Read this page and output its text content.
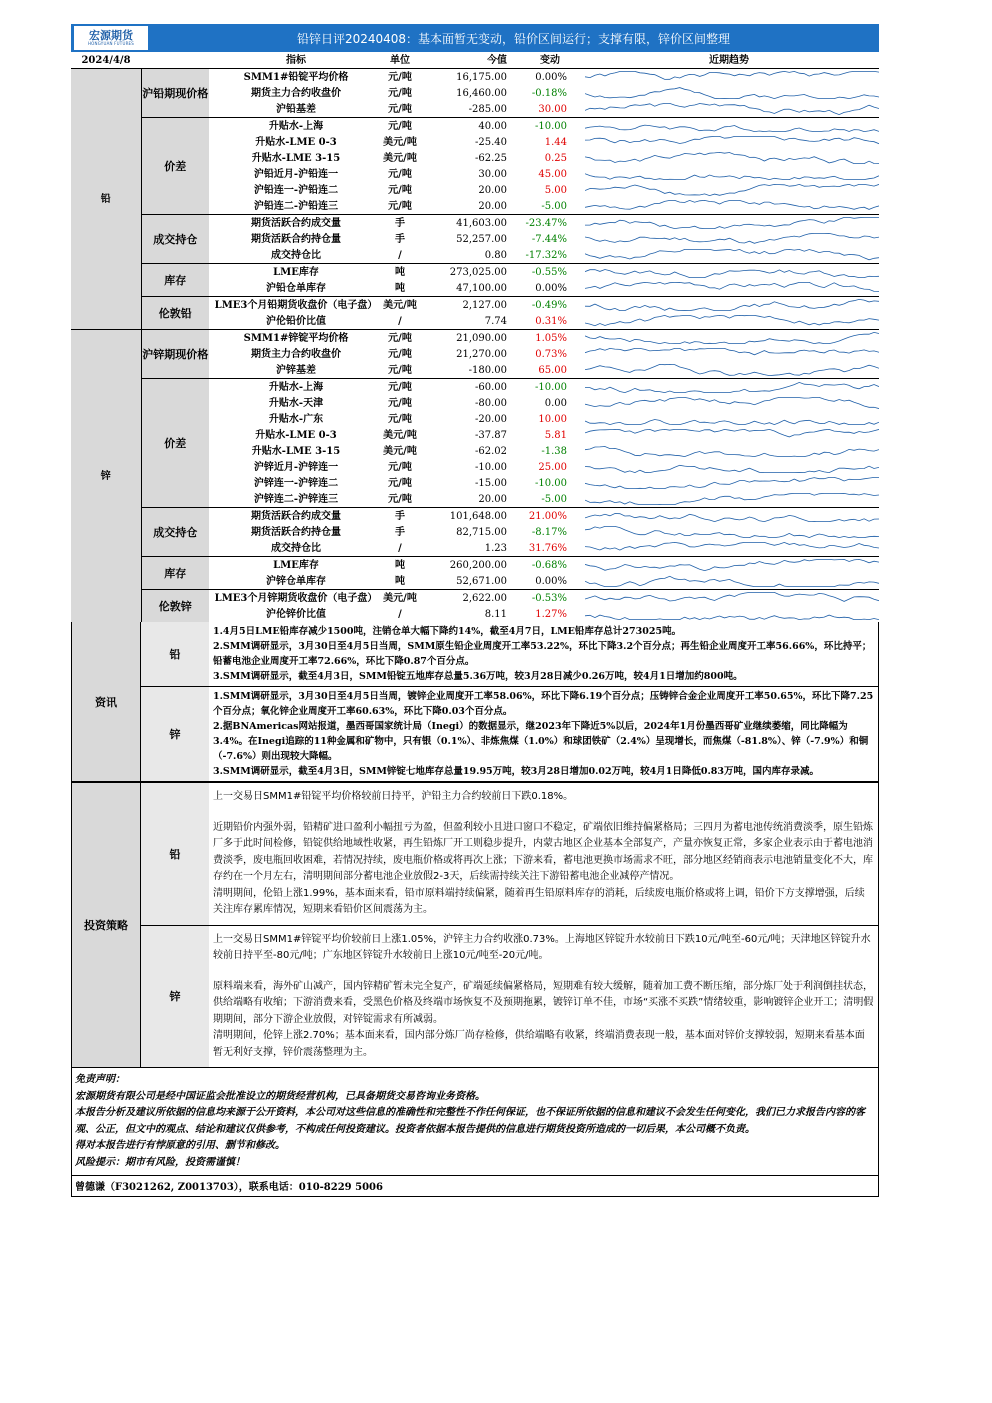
宏源期货
HONGYUAN FUTURES	铅锌日评20240408：基本面暂无变动，铅价区间运行；支撑有限，锌价区间整理
2024/4/8		指标	单位	今值	变动	近期趋势
铅	沪铅期现价格	SMM1#铅锭平均价格	元/吨	16,175.00	0.00%	

		期货主力合约收盘价	元/吨	16,460.00	-0.18%	

		沪铅基差	元/吨	-285.00	30.00	

	价差	升贴水-上海	元/吨	40.00	-10.00	

		升贴水-LME 0-3	美元/吨	-25.40	1.44	

		升贴水-LME 3-15	美元/吨	-62.25	0.25	

		沪铅近月-沪铅连一	元/吨	30.00	45.00	

		沪铅连一-沪铅连二	元/吨	20.00	5.00	

		沪铅连二-沪铅连三	元/吨	20.00	-5.00	

	成交持仓	期货活跃合约成交量	手	41,603.00	-23.47%	

		期货活跃合约持仓量	手	52,257.00	-7.44%	

		成交持仓比	/	0.80	-17.32%	

	库存	LME库存	吨	273,025.00	-0.55%	

		沪铅仓单库存	吨	47,100.00	0.00%	

	伦敦铅	LME3个月铅期货收盘价（电子盘）	美元/吨	2,127.00	-0.49%	

		沪伦铅价比值	/	7.74	0.31%	

锌	沪锌期现价格	SMM1#锌锭平均价格	元/吨	21,090.00	1.05%	

		期货主力合约收盘价	元/吨	21,270.00	0.73%	

		沪锌基差	元/吨	-180.00	65.00	

	价差	升贴水-上海	元/吨	-60.00	-10.00	

		升贴水-天津	元/吨	-80.00	0.00	

		升贴水-广东	元/吨	-20.00	10.00	

		升贴水-LME 0-3	美元/吨	-37.87	5.81	

		升贴水-LME 3-15	美元/吨	-62.02	-1.38	

		沪锌近月-沪锌连一	元/吨	-10.00	25.00	

		沪锌连一-沪锌连二	元/吨	-15.00	-10.00	

		沪锌连二-沪锌连三	元/吨	20.00	-5.00	

	成交持仓	期货活跃合约成交量	手	101,648.00	21.00%	

		期货活跃合约持仓量	手	82,715.00	-8.17%	

		成交持仓比	/	1.23	31.76%	

	库存	LME库存	吨	260,200.00	-0.68%	

		沪锌仓单库存	吨	52,671.00	0.00%	

	伦敦锌	LME3个月锌期货收盘价（电子盘）	美元/吨	2,622.00	-0.53%	

		沪伦锌价比值	/	8.11	1.27%	
资讯
铅
1.4月5日LME铅库存减少1500吨，注销仓单大幅下降约14%，截至4月7日，LME铅库存总计273025吨。
2.SMM调研显示，3月30日至4月5日当周，SMM原生铅企业周度开工率53.22%，环比下降3.2个百分点；再生铅企业周度开工率56.66%，环比持平；铅蓄电池企业周度开工率72.66%，环比下降0.87个百分点。
3.SMM调研显示，截至4月3日，SMM铅锭五地库存总量5.36万吨，较3月28日减少0.26万吨，较4月1日增加约800吨。
锌
1.SMM调研显示，3月30日至4月5日当周，镀锌企业周度开工率58.06%，环比下降6.19个百分点；压铸锌合金企业周度开工率50.65%，环比下降7.25个百分点；氧化锌企业周度开工率60.63%，环比下降0.03个百分点。
2.据BNAmericas网站报道，墨西哥国家统计局（Inegi）的数据显示，继2023年下降近5%以后，2024年1月份墨西哥矿业继续萎缩，同比降幅为3.4%。在Inegi追踪的11种金属和矿物中，只有银（0.1%）、非炼焦煤（1.0%）和球团铁矿（2.4%）呈现增长，而焦煤（-81.8%）、锌（-7.9%）和铜（-7.6%）则出现较大降幅。
3.SMM调研显示，截至4月3日，SMM锌锭七地库存总量19.95万吨，较3月28日增加0.02万吨，较4月1日降低0.83万吨，国内库存录减。
投资策略
铅

上一交易日SMM1#铅锭平均价格较前日持平，沪铅主力合约较前日下跌0.18%。

近期铅价内强外弱，铅精矿进口盈利小幅扭亏为盈，但盈利较小且进口窗口不稳定，矿端依旧维持偏紧格局；三四月为蓄电池传统消费淡季，原生铅炼厂多于此时间检修，铅锭供给地域性收紧，再生铅炼厂开工则稳步提升，内蒙古地区企业基本全部复产，产量亦恢复正常，多家企业表示由于蓄电池消费淡季，废电瓶回收困难，若情况持续，废电瓶价格或将再次上涨；下游来看，蓄电池更换市场需求不旺，部分地区经销商表示电池销量变化不大，库存约在一个月左右，清明期间部分蓄电池企业放假2-3天，后续需持续关注下游铅蓄电池企业减停产情况。

清明期间，伦铅上涨1.99%，基本面来看，铅市原料端持续偏紧，随着再生铅原料库存的消耗，后续废电瓶价格或将上调，铅价下方支撑增强，后续关注库存累库情况，短期来看铅价区间震荡为主。

锌

上一交易日SMM1#锌锭平均价较前日上涨1.05%，沪锌主力合约收涨0.73%。上海地区锌锭升水较前日下跌10元/吨至-60元/吨；天津地区锌锭升水较前日持平至-80元/吨；广东地区锌锭升水较前日上涨10元/吨至-20元/吨。

原料端来看，海外矿山减产，国内锌精矿暂未完全复产，矿端延续偏紧格局，短期难有较大缓解，随着加工费不断压缩，部分炼厂处于利润倒挂状态，供给端略有收缩；下游消费来看，受黑色价格及终端市场恢复不及预期拖累，镀锌订单不佳，市场“买涨不买跌”情绪较重，影响镀锌企业开工；清明假期期间，部分下游企业放假，对锌锭需求有所减弱。

清明期间，伦锌上涨2.70%；基本面来看，国内部分炼厂尚存检修，供给端略有收紧，终端消费表现一般，基本面对锌价支撑较弱，短期来看基本面暂无利好支撑，锌价震荡整理为主。

免责声明：

宏源期货有限公司是经中国证监会批准设立的期货经营机构，已具备期货交易咨询业务资格。

本报告分析及建议所依据的信息均来源于公开资料，本公司对这些信息的准确性和完整性不作任何保证，也不保证所依据的信息和建议不会发生任何变化，我们已力求报告内容的客观、公正，但文中的观点、结论和建议仅供参考，不构成任何投资建议。投资者依据本报告提供的信息进行期货投资所造成的一切后果，本公司概不负责。

得对本报告进行有悖原意的引用、删节和修改。

风险提示：期市有风险，投资需谨慎！

曾德谦（F3021262, Z0013703），联系电话：010-8229 5006
